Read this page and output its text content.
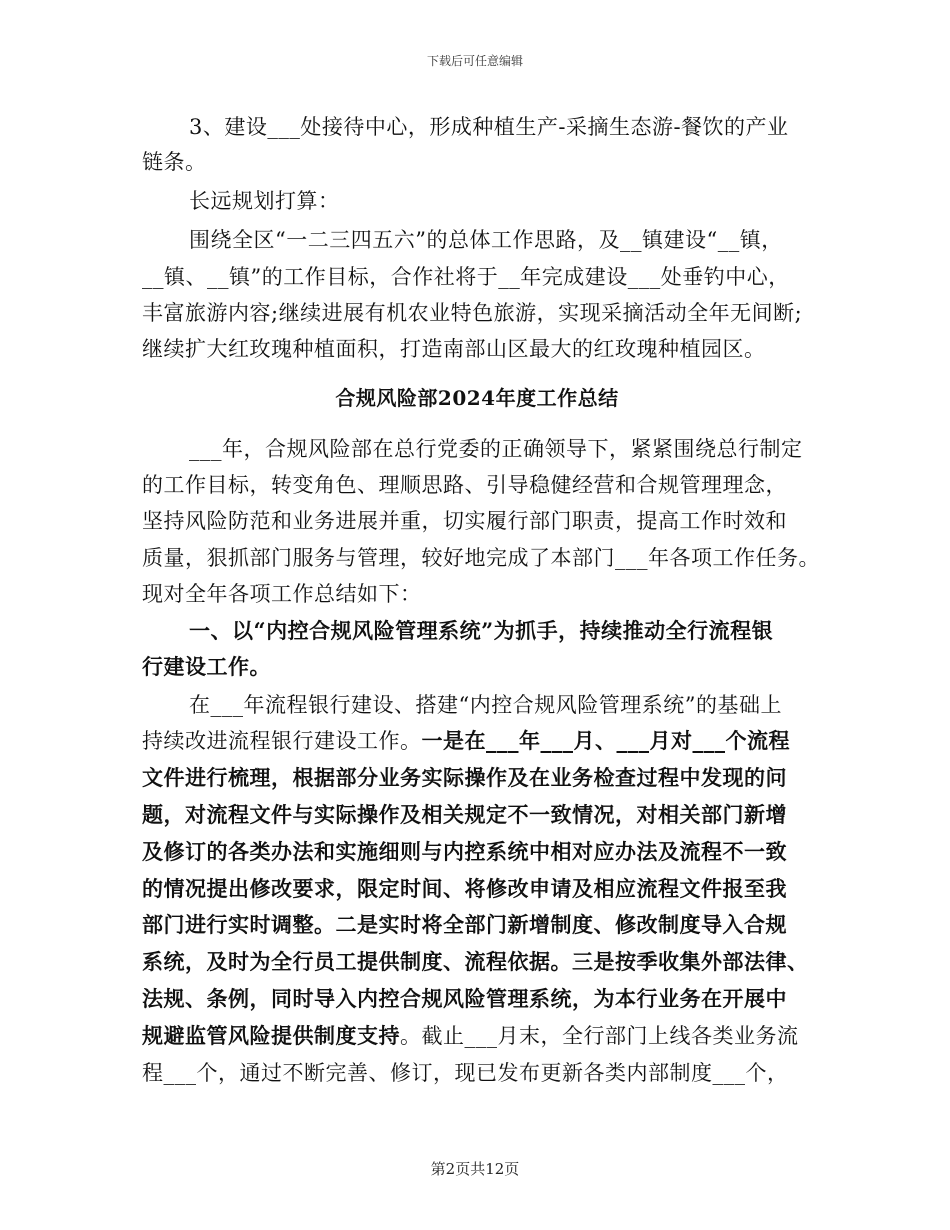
下载后可任意编辑
3、建设___处接待中心，形成种植生产-采摘生态游-餐饮的产业
链条。
长远规划打算：
围绕全区“一二三四五六”的总体工作思路，及__镇建设“__镇，
__镇、__镇”的工作目标，合作社将于__年完成建设___处垂钓中心，
丰富旅游内容;继续进展有机农业特色旅游，实现采摘活动全年无间断;
继续扩大红玫瑰种植面积，打造南部山区最大的红玫瑰种植园区。
合规风险部2024年度工作总结
___年，合规风险部在总行党委的正确领导下，紧紧围绕总行制定
的工作目标，转变角色、理顺思路、引导稳健经营和合规管理理念，
坚持风险防范和业务进展并重，切实履行部门职责，提高工作时效和
质量，狠抓部门服务与管理，较好地完成了本部门___年各项工作任务。
现对全年各项工作总结如下：
一、以“内控合规风险管理系统”为抓手，持续推动全行流程银
行建设工作。
在___年流程银行建设、搭建“内控合规风险管理系统”的基础上
持续改进流程银行建设工作。一是在___年___月、___月对___个流程
文件进行梳理，根据部分业务实际操作及在业务检查过程中发现的问
题，对流程文件与实际操作及相关规定不一致情况，对相关部门新增
及修订的各类办法和实施细则与内控系统中相对应办法及流程不一致
的情况提出修改要求，限定时间、将修改申请及相应流程文件报至我
部门进行实时调整。二是实时将全部门新增制度、修改制度导入合规
系统，及时为全行员工提供制度、流程依据。三是按季收集外部法律、
法规、条例，同时导入内控合规风险管理系统，为本行业务在开展中
规避监管风险提供制度支持。截止___月末，全行部门上线各类业务流
程___个，通过不断完善、修订，现已发布更新各类内部制度___个，
第2页共12页
